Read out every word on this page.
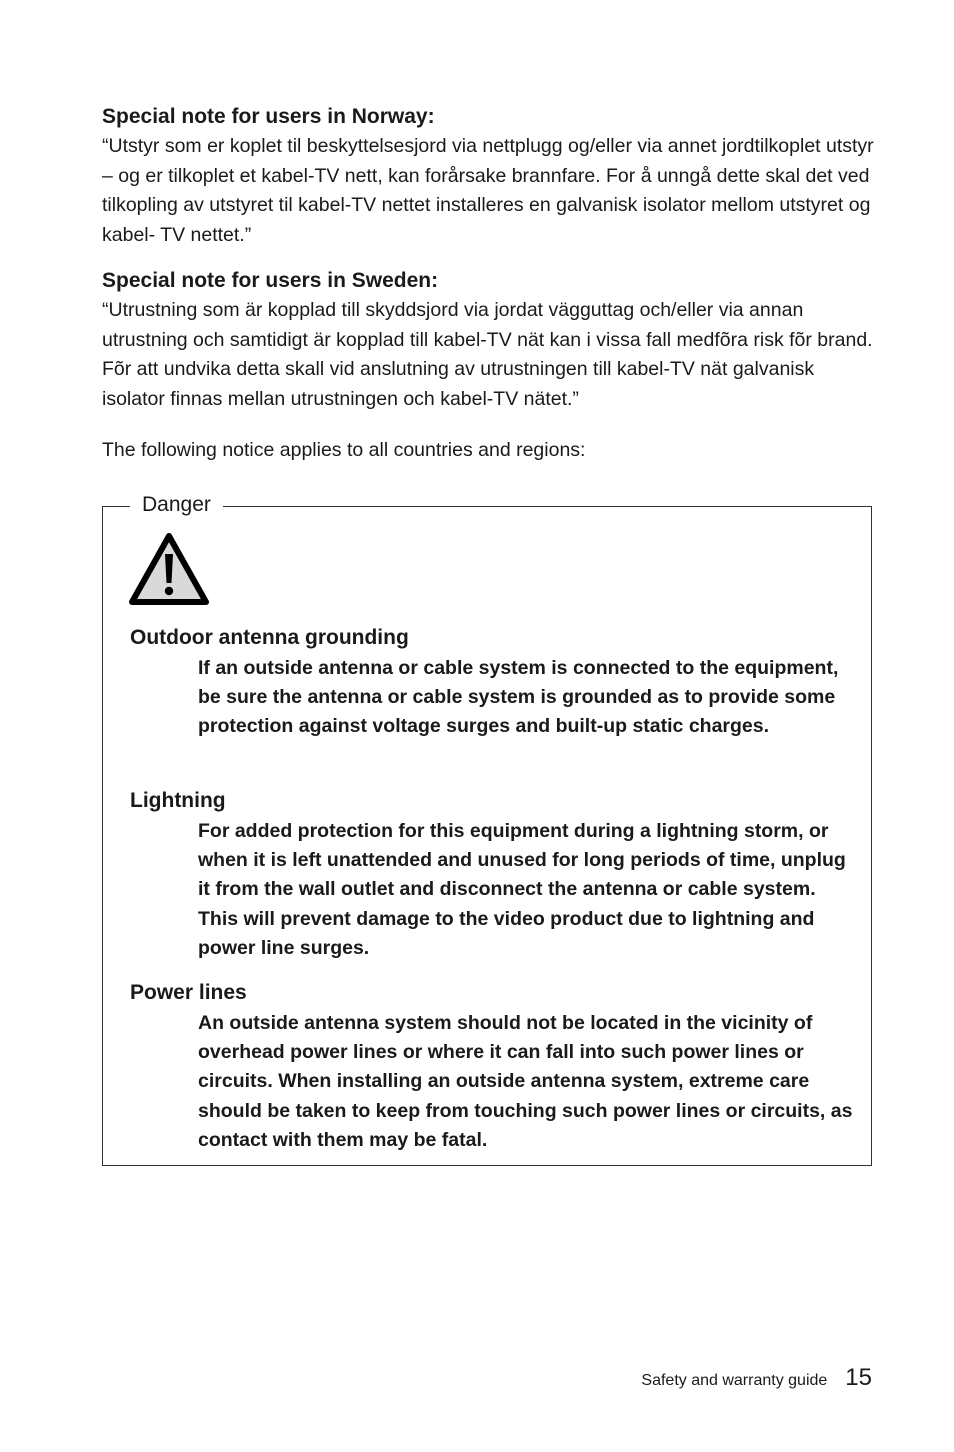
Special note for users in Norway:

“Utstyr som er koplet til beskyttelsesjord via nettplugg og/eller via annet jordtilkoplet utstyr – og er tilkoplet et kabel-TV nett, kan forårsake brannfare. For å unngå dette skal det ved tilkopling av utstyret til kabel-TV nettet installeres en galvanisk isolator mellom utstyret og kabel- TV nettet.”

Special note for users in Sweden:

“Utrustning som är kopplad till skyddsjord via jordat vägguttag och/eller via annan utrustning och samtidigt är kopplad till kabel-TV nät kan i vissa fall medfõra risk fõr brand. Fõr att undvika detta skall vid anslutning av utrustningen till kabel-TV nät galvanisk isolator finnas mellan utrustningen och kabel-TV nätet.”

The following notice applies to all countries and regions:
Danger

Outdoor antenna grounding

If an outside antenna or cable system is connected to the equipment, be sure the antenna or cable system is grounded as to provide some protection against voltage surges and built-up static charges.

Lightning

For added protection for this equipment during a lightning storm, or when it is left unattended and unused for long periods of time, unplug it from the wall outlet and disconnect the antenna or cable system. This will prevent damage to the video product due to lightning and power line surges.

Power lines

An outside antenna system should not be located in the vicinity of overhead power lines or where it can fall into such power lines or circuits. When installing an outside antenna system, extreme care should be taken to keep from touching such power lines or circuits, as contact with them may be fatal.

Safety and warranty guide 15
